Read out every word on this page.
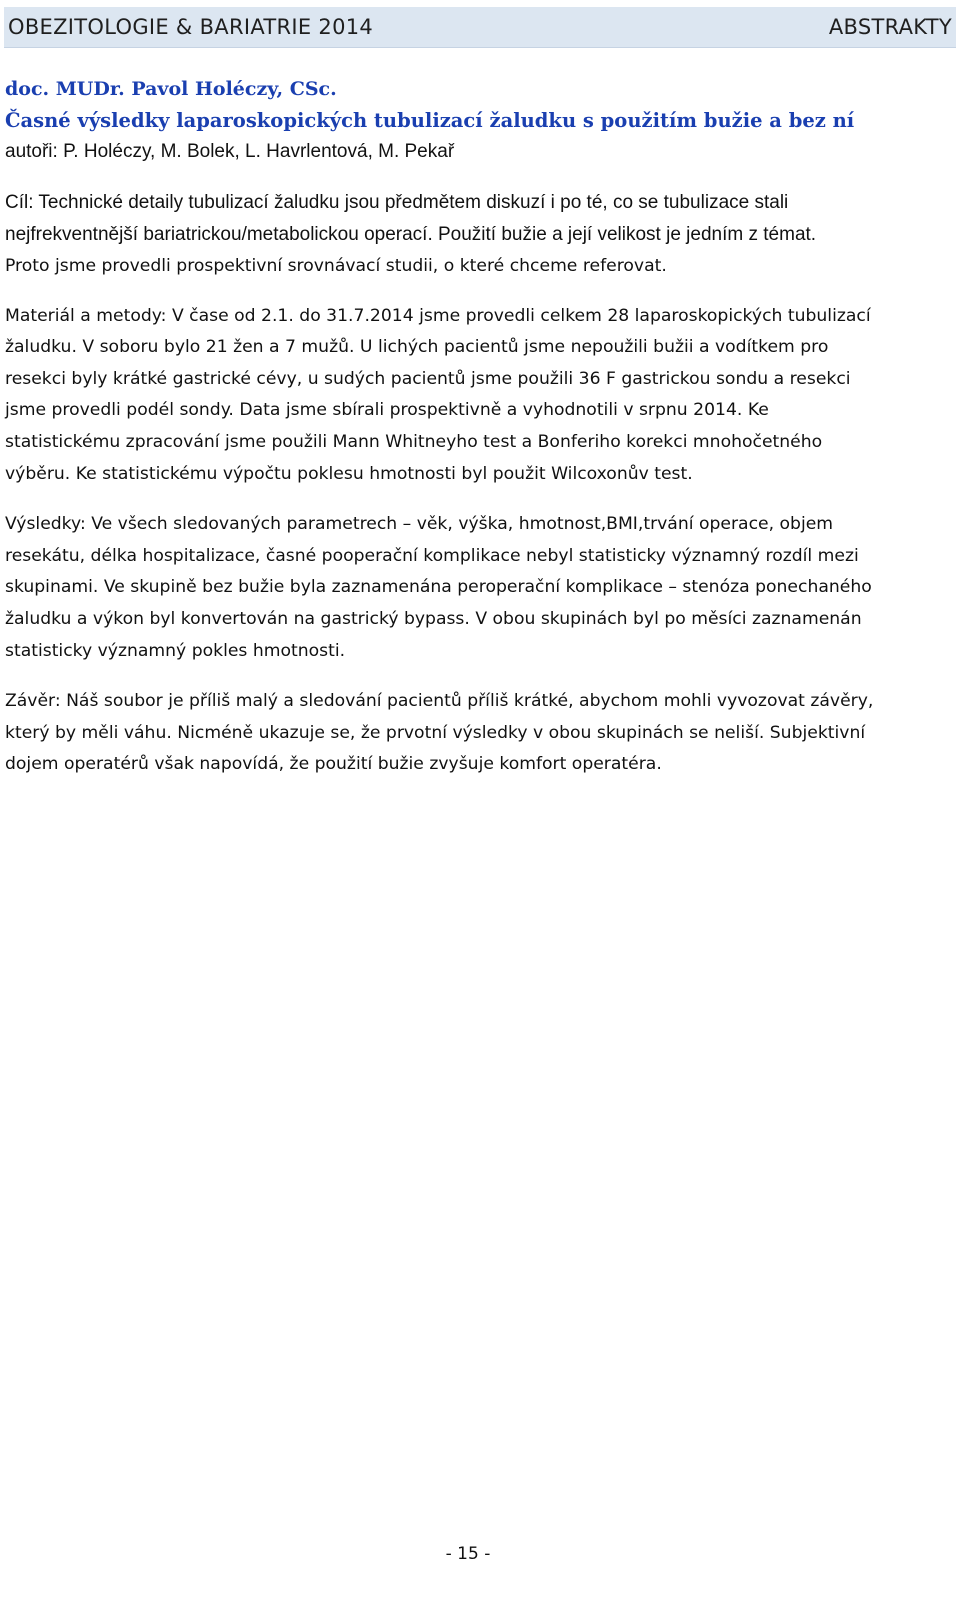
OBEZITOLOGIE & BARIATRIE 2014	ABSTRAKTY

doc. MUDr. Pavol Holéczy, CSc.

Časné výsledky laparoskopických tubulizací žaludku s použitím bužie a bez ní

autoři: P. Holéczy, M. Bolek, L. Havrlentová, M. Pekař

Cíl: Technické detaily tubulizací žaludku jsou předmětem diskuzí i po té, co se tubulizace stali
nejfrekventnější bariatrickou/metabolickou operací. Použití bužie a její velikost je jedním z témat.

Proto jsme provedli prospektivní srovnávací studii, o které chceme referovat.

Materiál a metody: V čase od 2.1. do 31.7.2014 jsme provedli celkem 28 laparoskopických tubulizací
žaludku. V soboru bylo 21 žen a 7 mužů. U lichých pacientů jsme nepoužili bužii a vodítkem pro
resekci byly krátké gastrické cévy, u sudých pacientů jsme použili 36 F gastrickou sondu a resekci
jsme provedli podél sondy. Data jsme sbírali prospektivně a vyhodnotili v srpnu 2014. Ke
statistickému zpracování jsme použili Mann Whitneyho test a Bonferiho korekci mnohočetného
výběru. Ke statistickému výpočtu poklesu hmotnosti byl použit Wilcoxonův test.

Výsledky: Ve všech sledovaných parametrech – věk, výška, hmotnost,BMI,trvání operace, objem
resekátu, délka hospitalizace, časné pooperační komplikace nebyl statisticky významný rozdíl mezi
skupinami. Ve skupině bez bužie byla zaznamenána peroperační komplikace – stenóza ponechaného
žaludku a výkon byl konvertován na gastrický bypass. V obou skupinách byl po měsíci zaznamenán
statisticky významný pokles hmotnosti.

Závěr: Náš soubor je příliš malý a sledování pacientů příliš krátké, abychom mohli vyvozovat závěry,
který by měli váhu. Nicméně ukazuje se, že prvotní výsledky v obou skupinách se neliší. Subjektivní
dojem operatérů však napovídá, že použití bužie zvyšuje komfort operatéra.

- 15 -
